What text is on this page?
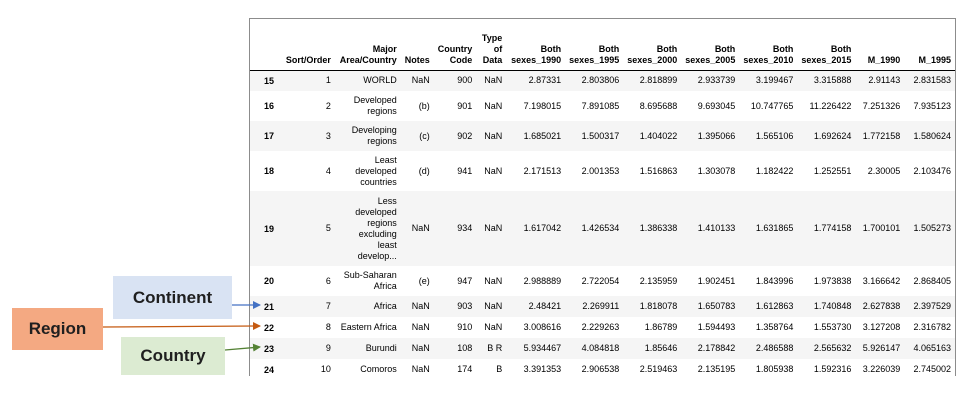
	Sort/Order	Major Area/Country	Notes	Country Code	Type of Data	Both sexes_1990	Both sexes_1995	Both sexes_2000	Both sexes_2005	Both sexes_2010	Both sexes_2015	M_1990	M_1995
15	1	WORLD	NaN	900	NaN	2.87331	2.803806	2.818899	2.933739	3.199467	3.315888	2.91143	2.831583
16	2	Developed regions	(b)	901	NaN	7.198015	7.891085	8.695688	9.693045	10.747765	11.226422	7.251326	7.935123
17	3	Developing regions	(c)	902	NaN	1.685021	1.500317	1.404022	1.395066	1.565106	1.692624	1.772158	1.580624
18	4	Least developed countries	(d)	941	NaN	2.171513	2.001353	1.516863	1.303078	1.182422	1.252551	2.30005	2.103476
19	5	Less developed regions excluding least develop...	NaN	934	NaN	1.617042	1.426534	1.386338	1.410133	1.631865	1.774158	1.700101	1.505273
20	6	Sub-Saharan Africa	(e)	947	NaN	2.988889	2.722054	2.135959	1.902451	1.843996	1.973838	3.166642	2.868405
21	7	Africa	NaN	903	NaN	2.48421	2.269911	1.818078	1.650783	1.612863	1.740848	2.627838	2.397529
22	8	Eastern Africa	NaN	910	NaN	3.008616	2.229263	1.86789	1.594493	1.358764	1.553730	3.127208	2.316782
23	9	Burundi	NaN	108	B R	5.934467	4.084818	1.85646	2.178842	2.486588	2.565632	5.926147	4.065163
24	10	Comoros	NaN	174	B	3.391353	2.906538	2.519463	2.135195	1.805938	1.592316	3.226039	2.745002
Continent
Region
Country
